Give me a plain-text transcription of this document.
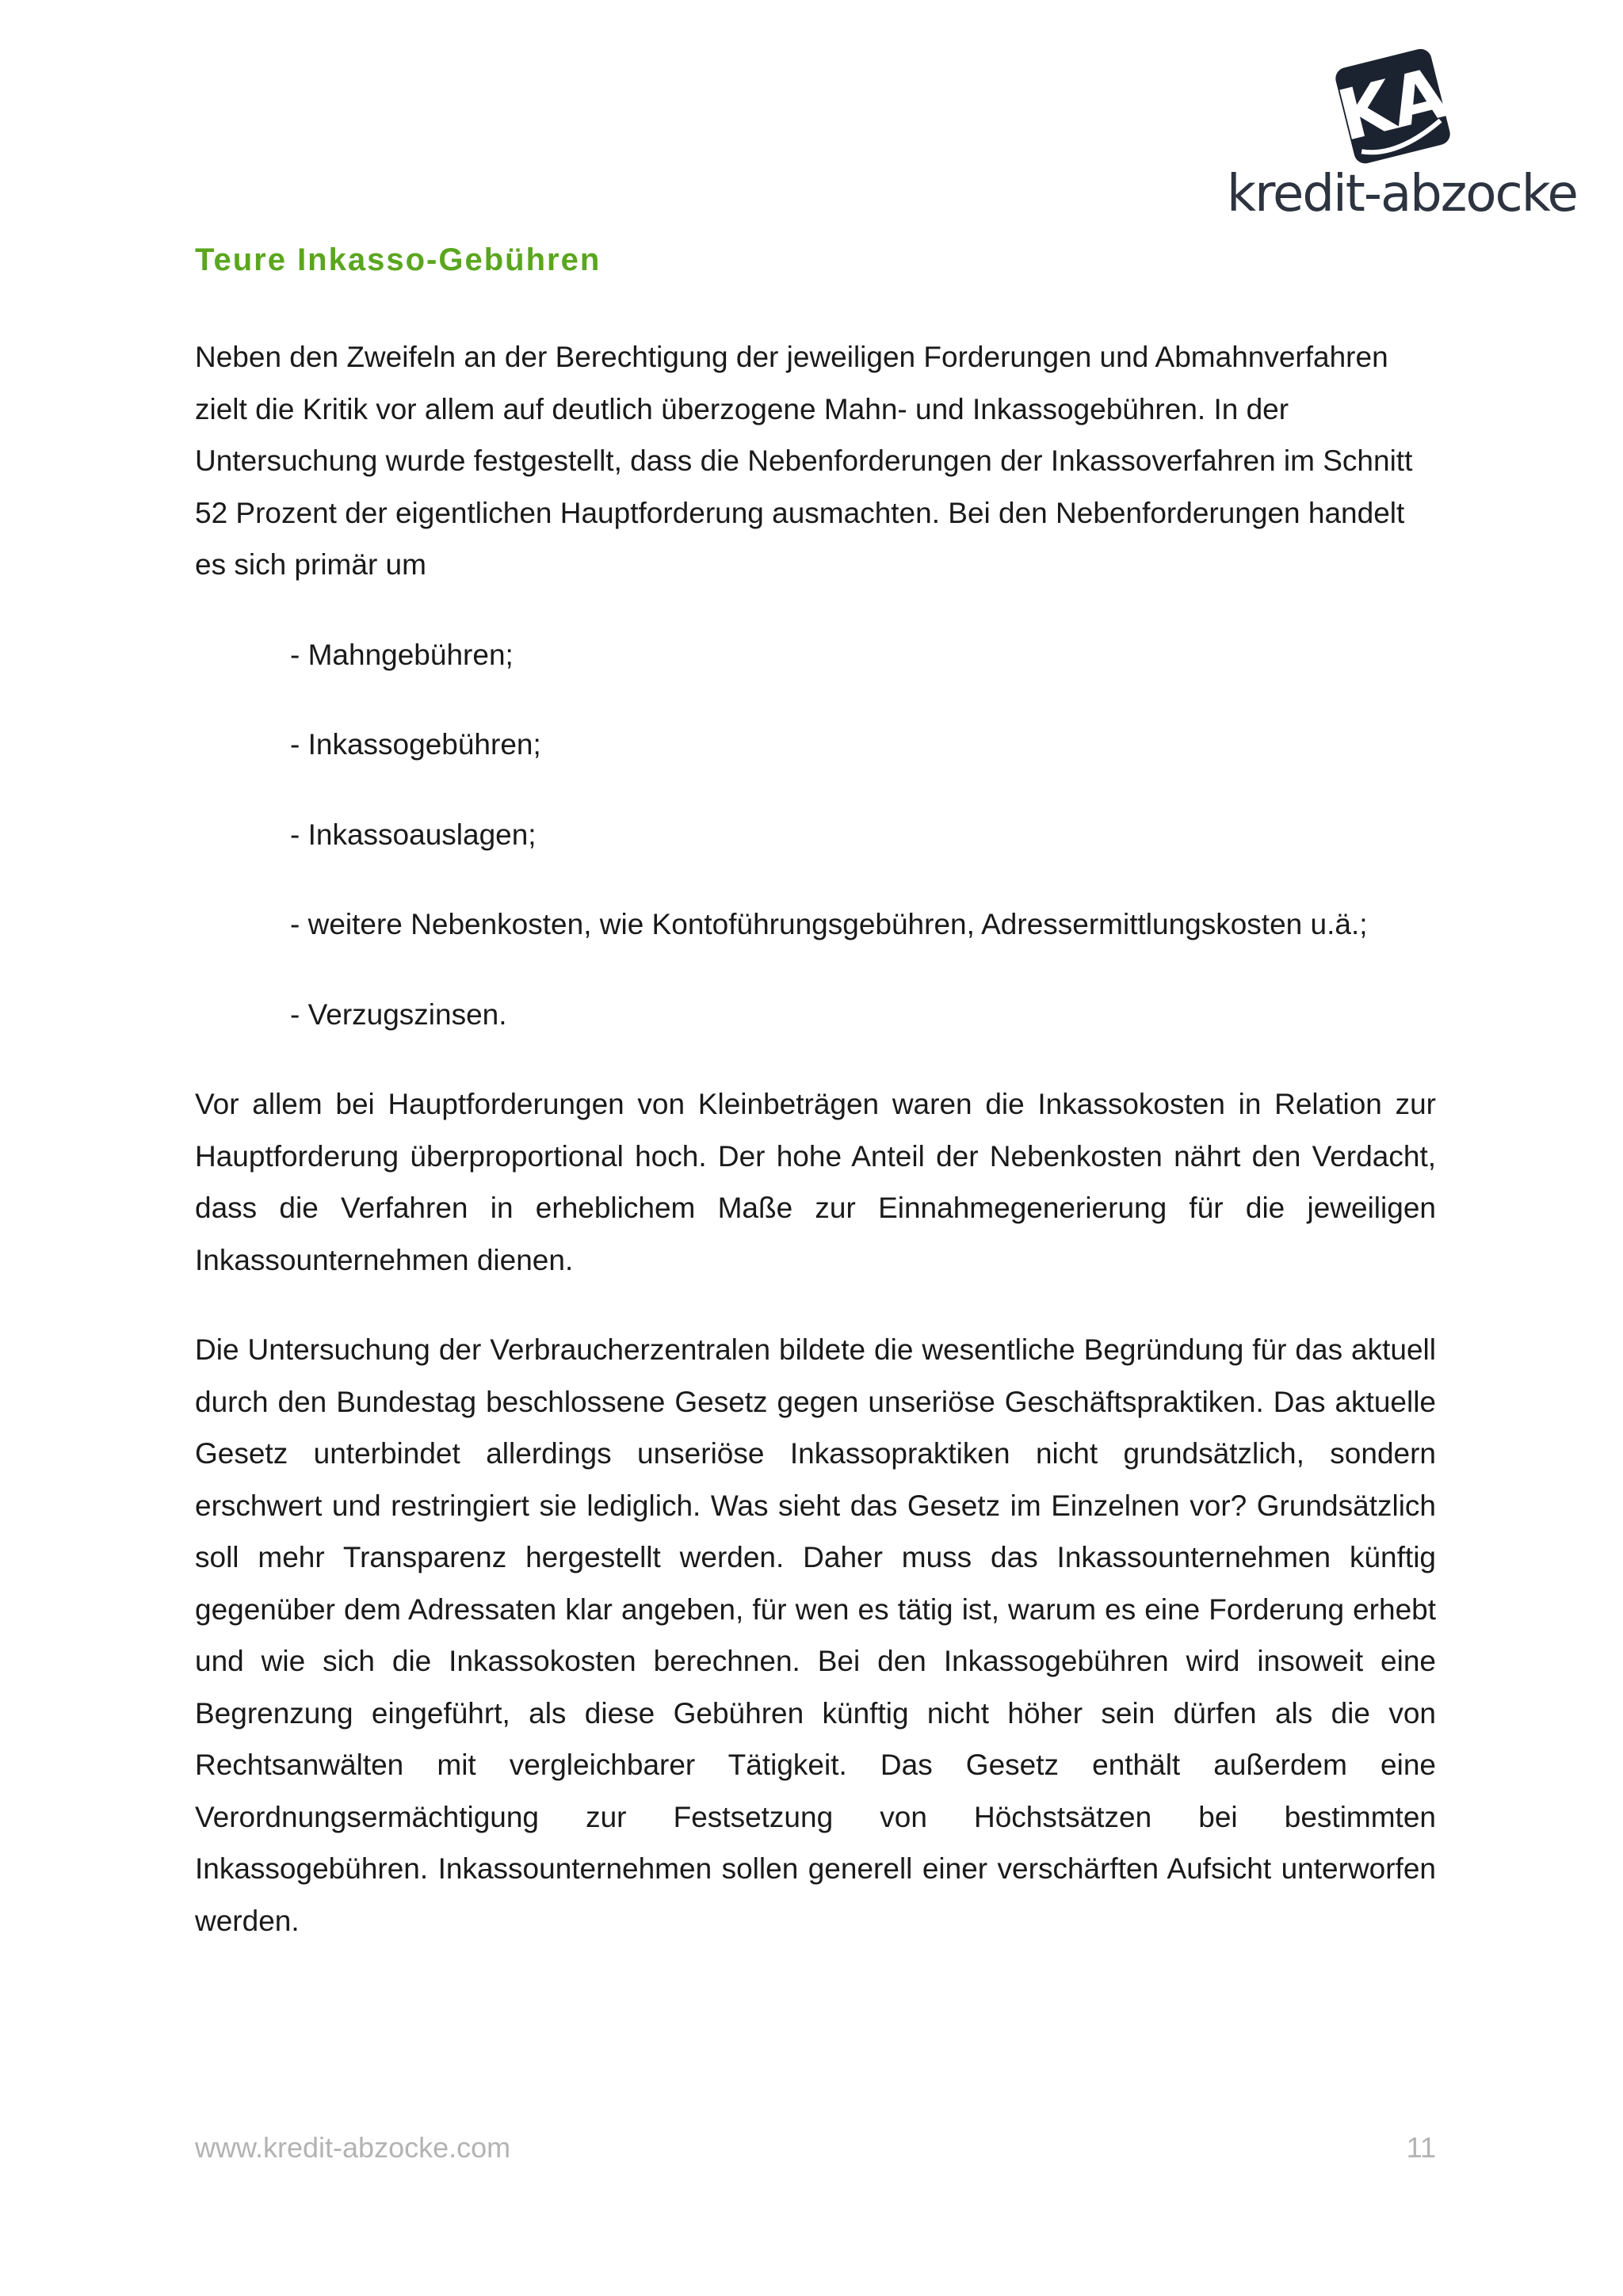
KA
kredit-abzocke
Teure Inkasso-Gebühren

Neben den Zweifeln an der Berechtigung der jeweiligen Forderungen und Abmahnverfahren zielt die Kritik vor allem auf deutlich überzogene Mahn- und Inkassogebühren. In der Untersuchung wurde festgestellt, dass die Nebenforderungen der Inkassoverfahren im Schnitt 52 Prozent der eigentlichen Hauptforderung ausmachten. Bei den Nebenforderungen handelt es sich primär um

- Mahngebühren;
- Inkassogebühren;
- Inkassoauslagen;
- weitere Nebenkosten, wie Kontoführungsgebühren, Adressermittlungskosten u.ä.;
- Verzugszinsen.

Vor allem bei Hauptforderungen von Kleinbeträgen waren die Inkassokosten in Relation zur Hauptforderung überproportional hoch. Der hohe Anteil der Nebenkosten nährt den Verdacht, dass die Verfahren in erheblichem Maße zur Einnahmegenerierung für die jeweiligen Inkassounternehmen dienen.

Die Untersuchung der Verbraucherzentralen bildete die wesentliche Begründung für das aktuell durch den Bundestag beschlossene Gesetz gegen unseriöse Geschäftspraktiken. Das aktuelle Gesetz unterbindet allerdings unseriöse Inkassopraktiken nicht grundsätzlich, sondern erschwert und restringiert sie lediglich. Was sieht das Gesetz im Einzelnen vor? Grundsätzlich soll mehr Transparenz hergestellt werden. Daher muss das Inkassounternehmen künftig gegenüber dem Adressaten klar angeben, für wen es tätig ist, warum es eine Forderung erhebt und wie sich die Inkassokosten berechnen. Bei den Inkassogebühren wird insoweit eine Begrenzung eingeführt, als diese Gebühren künftig nicht höher sein dürfen als die von Rechtsanwälten mit vergleichbarer Tätigkeit. Das Gesetz enthält außerdem eine Verordnungsermächtigung zur Festsetzung von Höchstsätzen bei bestimmten Inkassogebühren. Inkassounternehmen sollen generell einer verschärften Aufsicht unterworfen werden.

www.kredit-abzocke.com	11
